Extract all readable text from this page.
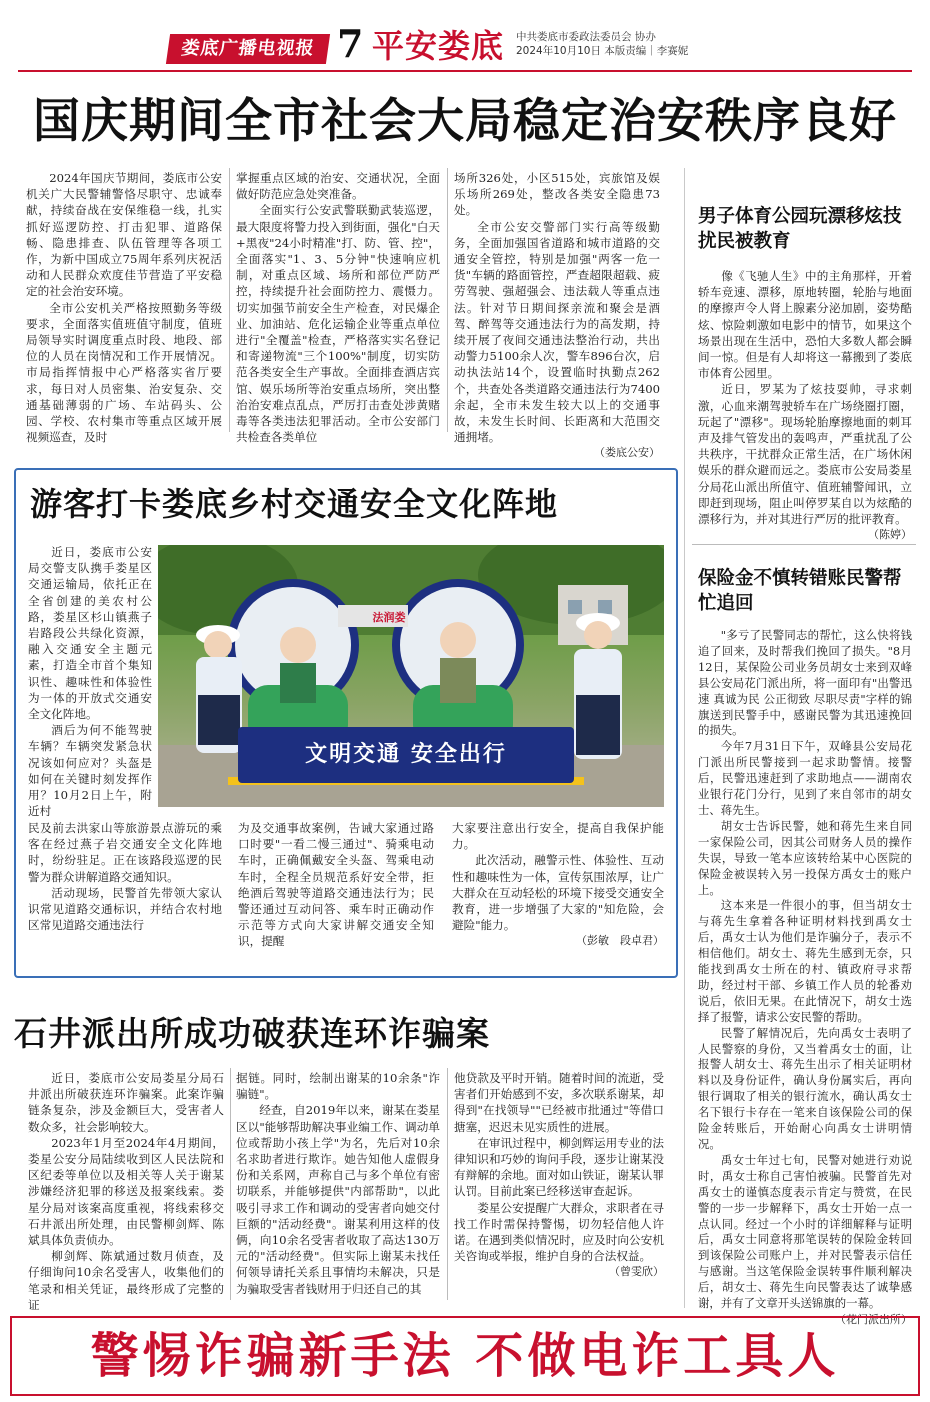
娄底广播电视报 7 平安娄底 中共娄底市委政法委员会 协办
2024年10月10日 本版责编｜李赛妮
国庆期间全市社会大局稳定治安秩序良好

2024年国庆节期间，娄底市公安机关广大民警辅警恪尽职守、忠诚奉献，持续奋战在安保维稳一线，扎实抓好巡逻防控、打击犯罪、道路保畅、隐患排查、队伍管理等各项工作，为新中国成立75周年系列庆祝活动和人民群众欢度佳节营造了平安稳定的社会治安环境。

全市公安机关严格按照勤务等级要求，全面落实值班值守制度，值班局领导实时调度重点时段、地段、部位的人员在岗情况和工作开展情况。市局指挥情报中心严格落实省厅要求，每日对人员密集、治安复杂、交通基础薄弱的广场、车站码头、公园、学校、农村集市等重点区域开展视频巡查，及时

掌握重点区域的治安、交通状况，全面做好防范应急处突准备。

全面实行公安武警联勤武装巡逻，最大限度将警力投入到街面，强化"白天+黑夜"24小时精准"打、防、管、控"，全面落实"1、3、5分钟"快速响应机制，对重点区域、场所和部位严防严控，持续提升社会面防控力、震慑力。切实加强节前安全生产检查，对民爆企业、加油站、危化运输企业等重点单位进行"全覆盖"检查，严格落实实名登记和寄递物流"三个100%"制度，切实防范各类安全生产事故。全面排查酒店宾馆、娱乐场所等治安重点场所，突出整治治安难点乱点，严厉打击查处涉黄赌毒等各类违法犯罪活动。全市公安部门共检查各类单位

场所326处，小区515处，宾旅馆及娱乐场所269处，整改各类安全隐患73处。

全市公安交警部门实行高等级勤务，全面加强国省道路和城市道路的交通安全管控，特别是加强"两客一危一货"车辆的路面管控，严查超限超载、疲劳驾驶、强超强会、违法载人等重点违法。针对节日期间探亲流和聚会是酒驾、醉驾等交通违法行为的高发期，持续开展了夜间交通违法整治行动，共出动警力5100余人次，警车896台次，启动执法站14个，设置临时执勤点262个，共查处各类道路交通违法行为7400余起，全市未发生较大以上的交通事故，未发生长时间、长距离和大范围交通拥堵。

（娄底公安）
男子体育公园玩漂移炫技扰民被教育

像《飞驰人生》中的主角那样，开着轿车竞速、漂移，原地转圈，轮胎与地面的摩擦声令人肾上腺素分泌加剧，姿势酷炫、惊险刺激如电影中的情节，如果这个场景出现在生活中，恐怕大多数人都会瞬间一惊。但是有人却将这一幕搬到了娄底市体育公园里。

近日，罗某为了炫技耍帅，寻求刺激，心血来潮驾驶轿车在广场绕圈打圈，玩起了"漂移"。现场轮胎摩擦地面的刺耳声及排气管发出的轰鸣声，严重扰乱了公共秩序，干扰群众正常生活，在广场休闲娱乐的群众避而远之。娄底市公安局娄星分局花山派出所值守、值班辅警闻讯，立即赶到现场，阻止叫停罗某自以为炫酷的漂移行为，并对其进行严厉的批评教育。

（陈婷）
游客打卡娄底乡村交通安全文化阵地

近日，娄底市公安局交警支队携手娄星区交通运输局，依托正在全省创建的美农村公路，娄星区杉山镇燕子岩路段公共绿化资源，融入交通安全主题元素，打造全市首个集知识性、趣味性和体验性为一体的开放式交通安全文化阵地。

酒后为何不能驾驶车辆？车辆突发紧急状况该如何应对？头盔是如何在关键时刻发挥作用？10月2日上午，附近村

法润娄
文明交通 安全出行

民及前去洪家山等旅游景点游玩的乘客在经过燕子岩交通安全文化阵地时，纷纷驻足。正在该路段巡逻的民警为群众讲解道路交通知识。

活动现场，民警首先带领大家认识常见道路交通标识，并结合农村地区常见道路交通违法行

为及交通事故案例，告诫大家通过路口时要"一看二慢三通过"、骑乘电动车时，正确佩戴安全头盔、驾乘电动车时，全程全员规范系好安全带，拒绝酒后驾驶等道路交通违法行为；民警还通过互动问答、乘车时正确动作示范等方式向大家讲解交通安全知识，提醒

大家要注意出行安全，提高自我保护能力。

此次活动，融警示性、体验性、互动性和趣味性为一体，宣传氛围浓厚，让广大群众在互动轻松的环境下接受交通安全教育，进一步增强了大家的"知危险，会避险"能力。

（彭敏　段卓君）
保险金不慎转错账民警帮忙追回

"多亏了民警同志的帮忙，这么快将钱追了回来，及时帮我们挽回了损失。"8月12日，某保险公司业务员胡女士来到双峰县公安局花门派出所，将一面印有"出警迅速 真诚为民 公正彻致 尽职尽责"字样的锦旗送到民警手中，感谢民警为其迅速挽回的损失。

今年7月31日下午，双峰县公安局花门派出所民警接到一起求助警情。接警后，民警迅速赶到了求助地点——湖南农业银行花门分行，见到了来自邻市的胡女士、蒋先生。

胡女士告诉民警，她和蒋先生来自同一家保险公司，因其公司财务人员的操作失误，导致一笔本应该转给某中心医院的保险金被误转入另一投保方禹女士的账户上。

这本来是一件很小的事，但当胡女士与蒋先生拿着各种证明材料找到禹女士后，禹女士认为他们是诈骗分子，表示不相信他们。胡女士、蒋先生感到无奈，只能找到禹女士所在的村、镇政府寻求帮助，经过村干部、乡镇工作人员的轮番劝说后，依旧无果。在此情况下，胡女士选择了报警，请求公安民警的帮助。

民警了解情况后，先向禹女士表明了人民警察的身份，又当着禹女士的面，让报警人胡女士、蒋先生出示了相关证明材料以及身份证件，确认身份属实后，再向银行调取了相关的银行流水，确认禹女士名下银行卡存在一笔来自该保险公司的保险金转账后，开始耐心向禹女士讲明情况。

禹女士年过七旬，民警对她进行劝说时，禹女士称自己害怕被骗。民警首先对禹女士的谨慎态度表示肯定与赞赏，在民警的一步一步解释下，禹女士开始一点一点认同。经过一个小时的详细解释与证明后，禹女士同意将那笔误转的保险金转回到该保险公司账户上，并对民警表示信任与感谢。当这笔保险金误转事件顺利解决后，胡女士、蒋先生向民警表达了诚挚感谢，并有了文章开头送锦旗的一幕。

（花门派出所）
石井派出所成功破获连环诈骗案

近日，娄底市公安局娄星分局石井派出所破获连环诈骗案。此案诈骗链条复杂，涉及金额巨大，受害者人数众多，社会影响较大。

2023年1月至2024年4月期间，娄星公安分局陆续收到区人民法院和区纪委等单位以及相关等人关于谢某涉嫌经济犯罪的移送及报案线索。娄星分局对该案高度重视，将线索移交石井派出所处理，由民警柳剑辉、陈斌具体负责侦办。

柳剑辉、陈斌通过数月侦查，及仔细询问10余名受害人，收集他们的笔录和相关凭证，最终形成了完整的证

据链。同时，绘制出谢某的10余条"诈骗链"。

经查，自2019年以来，谢某在娄星区以"能够帮助解决事业编工作、调动单位或帮助小孩上学"为名，先后对10余名求助者进行欺诈。她告知他人虚假身份和关系网，声称自己与多个单位有密切联系，并能够提供"内部帮助"，以此吸引寻求工作和调动的受害者向她交付巨额的"活动经费"。谢某利用这样的伎俩，向10余名受害者收取了高达130万元的"活动经费"。但实际上谢某未找任何领导请托关系且事情均未解决，只是为骗取受害者钱财用于归还自己的其

他贷款及平时开销。随着时间的流逝，受害者们开始感到不安，多次联系谢某，却得到"在找领导""已经被市批通过"等借口搪塞，迟迟未见实质性的进展。

在审讯过程中，柳剑辉运用专业的法律知识和巧妙的询问手段，逐步让谢某没有辩解的余地。面对如山铁证，谢某认罪认罚。目前此案已经移送审查起诉。

娄星公安提醒广大群众，求职者在寻找工作时需保持警惕，切勿轻信他人许诺。在遇到类似情况时，应及时向公安机关咨询或举报，维护自身的合法权益。

（曾雯欣）
警惕诈骗新手法 不做电诈工具人
